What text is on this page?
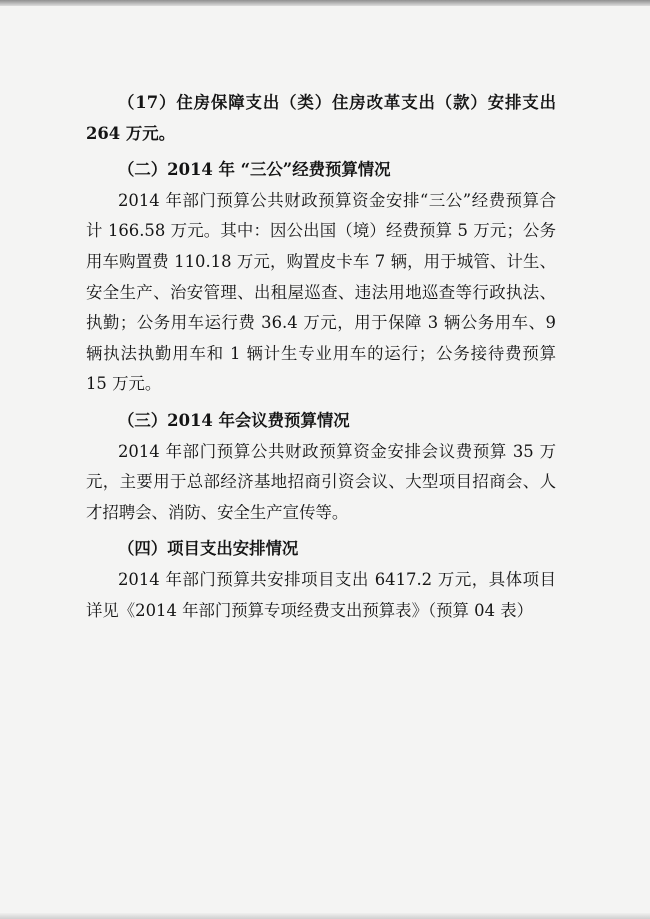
（17）住房保障支出（类）住房改革支出（款）安排支出 264 万元。

（二）2014 年 “三公”经费预算情况

2014 年部门预算公共财政预算资金安排“三公”经费预算合计 166.58 万元。其中：因公出国（境）经费预算 5 万元；公务用车购置费 110.18 万元，购置皮卡车 7 辆，用于城管、计生、安全生产、治安管理、出租屋巡查、违法用地巡查等行政执法、执勤；公务用车运行费 36.4 万元，用于保障 3 辆公务用车、9 辆执法执勤用车和 1 辆计生专业用车的运行；公务接待费预算 15 万元。

（三）2014 年会议费预算情况

2014 年部门预算公共财政预算资金安排会议费预算 35 万元，主要用于总部经济基地招商引资会议、大型项目招商会、人才招聘会、消防、安全生产宣传等。

（四）项目支出安排情况

2014 年部门预算共安排项目支出 6417.2 万元，具体项目详见《2014 年部门预算专项经费支出预算表》（预算 04 表）
